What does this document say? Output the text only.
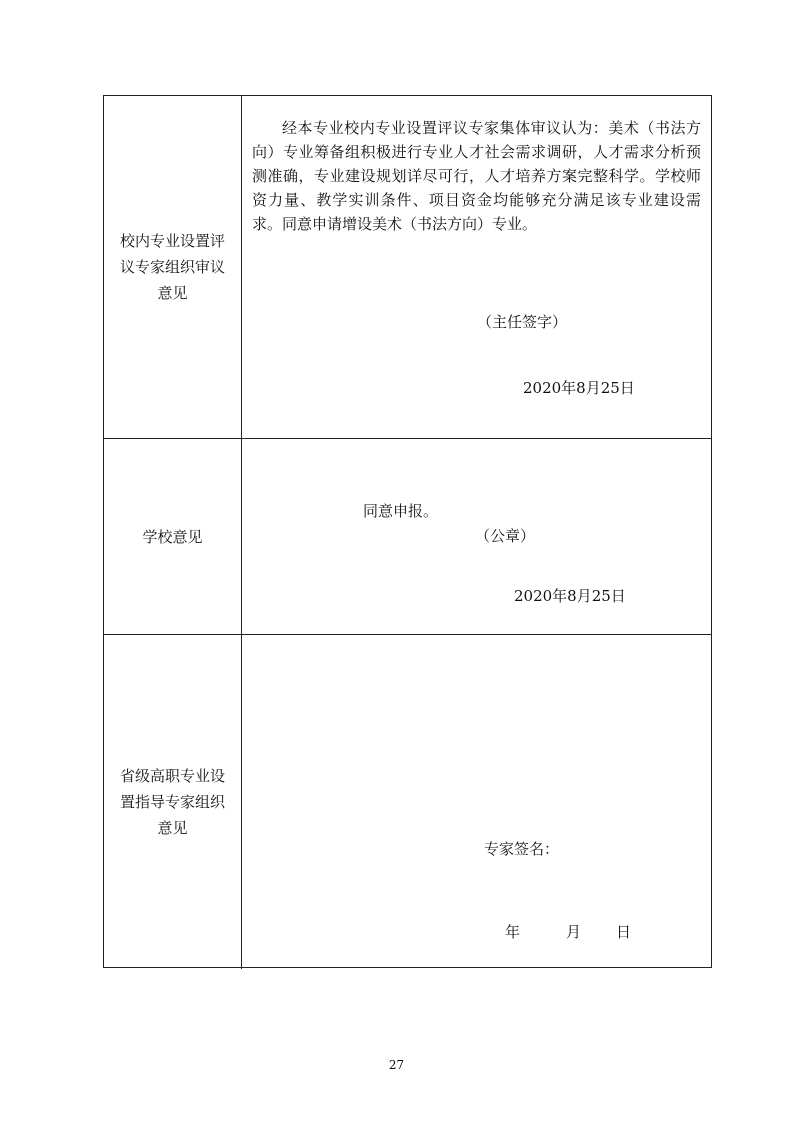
校内专业设置评
议专家组织审议
意见
经本专业校内专业设置评议专家集体审议认为：美术（书法方向）专业筹备组积极进行专业人才社会需求调研，人才需求分析预测准确，专业建设规划详尽可行，人才培养方案完整科学。学校师资力量、教学实训条件、项目资金均能够充分满足该专业建设需求。同意申请增设美术（书法方向）专业。
（主任签字）
2020年8月25日
学校意见
同意申报。
（公章）
2020年8月25日
省级高职专业设
置指导专家组织
意见
专家签名：
年	月 日
27
